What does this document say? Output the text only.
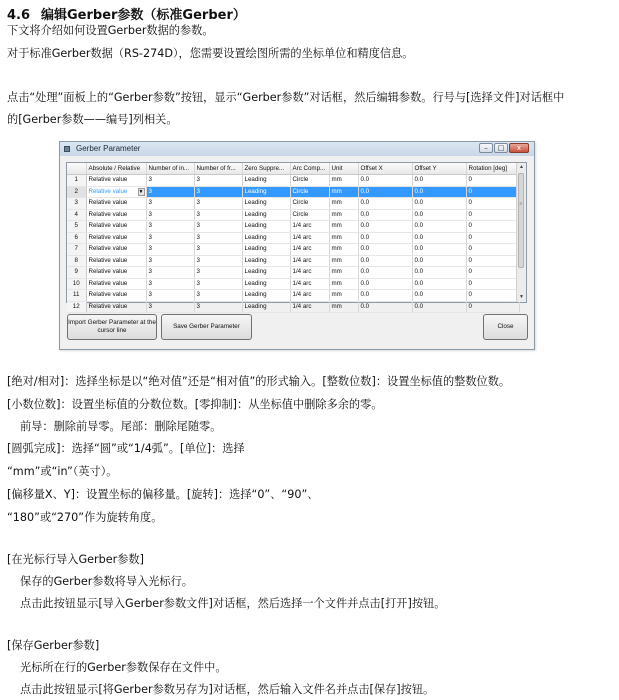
4.6 编辑Gerber参数（标准Gerber）
下文将介绍如何设置Gerber数据的参数。
对于标准Gerber数据（RS-274D），您需要设置绘图所需的坐标单位和精度信息。
点击“处理”面板上的“Gerber参数”按钮，显示“Gerber参数”对话框，然后编辑参数。行号与[选择文件]对话框中
的[Gerber参数——编号]列相关。
Gerber Parameter	–	□	x
	Absolute / Relative	Number of in...	Number of fr...	Zero Suppre...	Arc Comp...	Unit	Offset X	Offset Y	Rotation [deg]
1	Relative value	3	3	Leading	Circle	mm	0.0	0.0	0
2	Relative value ▼	3	3	Leading	Circle	mm	0.0	0.0	0
3	Relative value	3	3	Leading	Circle	mm	0.0	0.0	0
4	Relative value	3	3	Leading	Circle	mm	0.0	0.0	0
5	Relative value	3	3	Leading	1/4 arc	mm	0.0	0.0	0
6	Relative value	3	3	Leading	1/4 arc	mm	0.0	0.0	0
7	Relative value	3	3	Leading	1/4 arc	mm	0.0	0.0	0
8	Relative value	3	3	Leading	1/4 arc	mm	0.0	0.0	0
9	Relative value	3	3	Leading	1/4 arc	mm	0.0	0.0	0
10	Relative value	3	3	Leading	1/4 arc	mm	0.0	0.0	0
11	Relative value	3	3	Leading	1/4 arc	mm	0.0	0.0	0
12	Relative value	3	3	Leading	1/4 arc	mm	0.0	0.0	0
▲
≡
▼
Import Gerber Parameter at the cursor line
Save Gerber Parameter	Close
[绝对/相对]：选择坐标是以“绝对值”还是“相对值”的形式输入。[整数位数]：设置坐标值的整数位数。
[小数位数]：设置坐标值的分数位数。[零抑制]：从坐标值中删除多余的零。
前导：删除前导零。尾部：删除尾随零。
[圆弧完成]：选择“圆”或“1/4弧”。[单位]：选择
“mm”或“in”（英寸）。
[偏移量X、Y]：设置坐标的偏移量。[旋转]：选择“0”、“90”、
“180”或“270”作为旋转角度。
[在光标行导入Gerber参数]
保存的Gerber参数将导入光标行。
点击此按钮显示[导入Gerber参数文件]对话框，然后选择一个文件并点击[打开]按钮。
[保存Gerber参数]
光标所在行的Gerber参数保存在文件中。
点击此按钮显示[将Gerber参数另存为]对话框，然后输入文件名并点击[保存]按钮。
